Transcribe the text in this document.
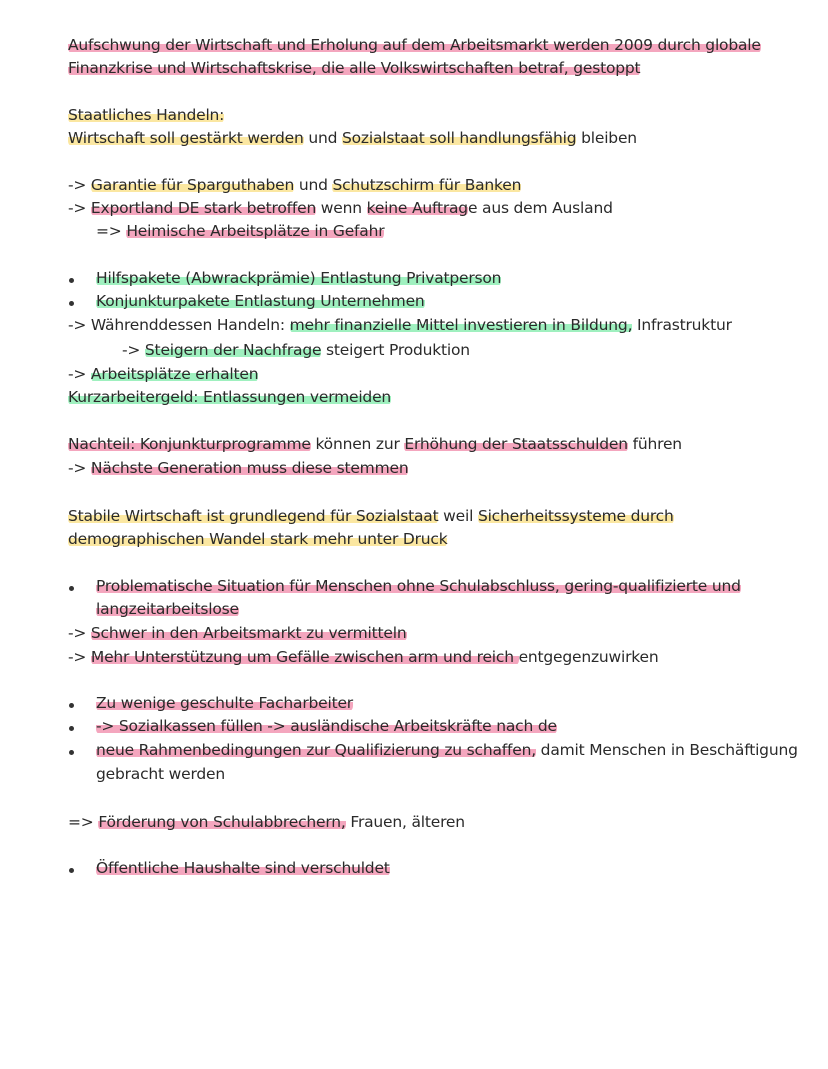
Aufschwung der Wirtschaft und Erholung auf dem Arbeitsmarkt werden 2009 durch globale
Finanzkrise und Wirtschaftskrise, die alle Volkswirtschaften betraf, gestoppt
Staatliches Handeln:
Wirtschaft soll gestärkt werden und Sozialstaat soll handlungsfähig bleiben
-> Garantie für Sparguthaben und Schutzschirm für Banken
-> Exportland DE stark betroffen wenn keine Auftrage aus dem Ausland
=> Heimische Arbeitsplätze in Gefahr
Hilfspakete (Abwrackprämie) Entlastung Privatperson
Konjunkturpakete Entlastung Unternehmen
-> Währenddessen Handeln: mehr finanzielle Mittel investieren in Bildung, Infrastruktur
-> Steigern der Nachfrage steigert Produktion
-> Arbeitsplätze erhalten
Kurzarbeitergeld: Entlassungen vermeiden
Nachteil: Konjunkturprogramme können zur Erhöhung der Staatsschulden führen
-> Nächste Generation muss diese stemmen
Stabile Wirtschaft ist grundlegend für Sozialstaat weil Sicherheitssysteme durch
demographischen Wandel stark mehr unter Druck
Problematische Situation für Menschen ohne Schulabschluss, gering-qualifizierte und
langzeitarbeitslose
-> Schwer in den Arbeitsmarkt zu vermitteln
-> Mehr Unterstützung um Gefälle zwischen arm und reich entgegenzuwirken
Zu wenige geschulte Facharbeiter
-> Sozialkassen füllen -> ausländische Arbeitskräfte nach de
neue Rahmenbedingungen zur Qualifizierung zu schaffen, damit Menschen in Beschäftigung
gebracht werden
=> Förderung von Schulabbrechern, Frauen, älteren
Öffentliche Haushalte sind verschuldet
